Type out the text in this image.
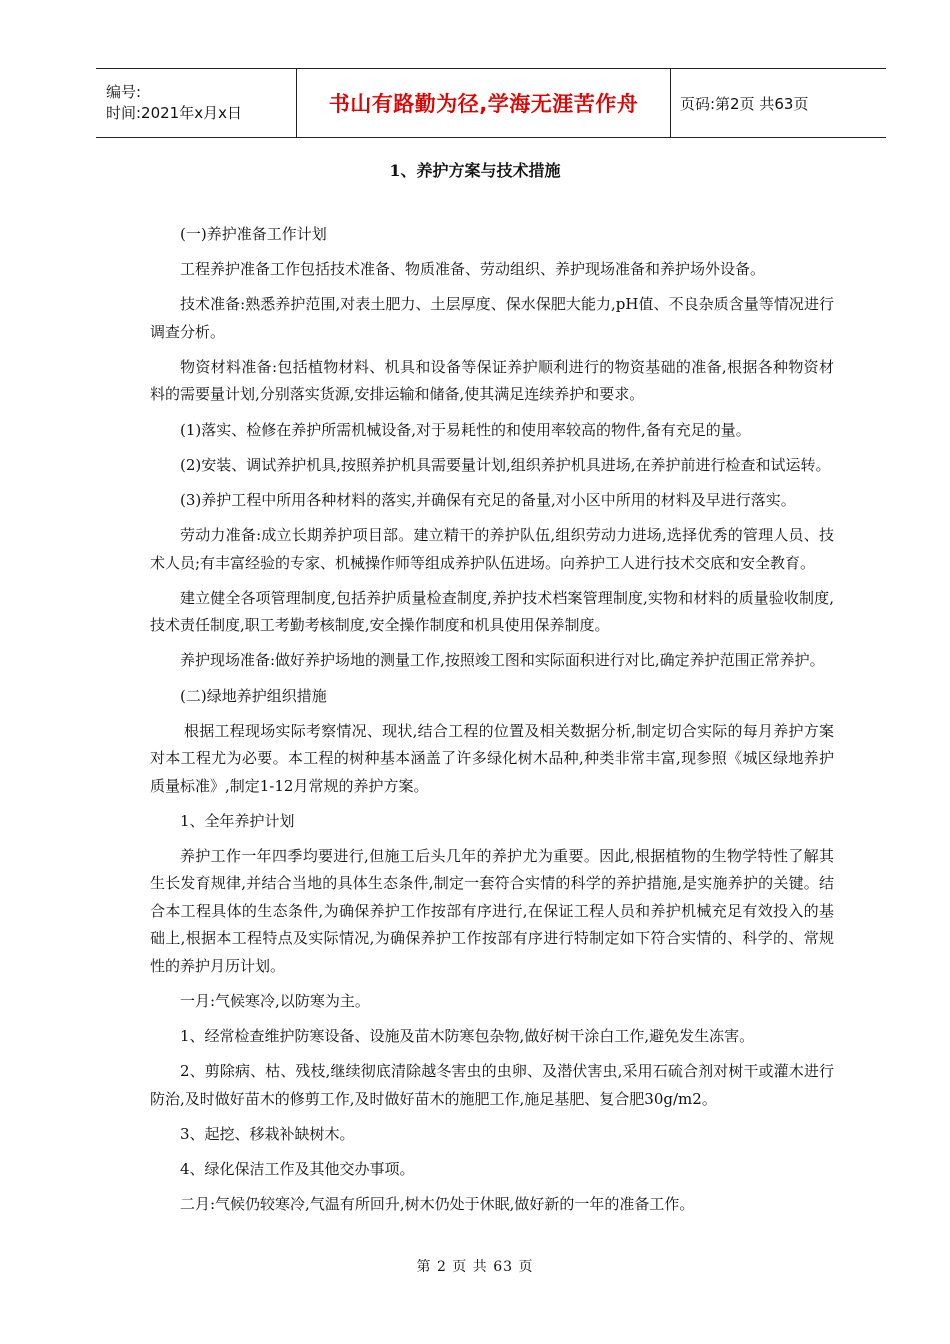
编号:
时间:2021年x月x日	书山有路勤为径,学海无涯苦作舟	页码:第2页 共63页
1、养护方案与技术措施

(一)养护准备工作计划

工程养护准备工作包括技术准备、物质准备、劳动组织、养护现场准备和养护场外设备。

技术准备:熟悉养护范围,对表土肥力、土层厚度、保水保肥大能力,pH值、不良杂质含量等情况进行调查分析。

物资材料准备:包括植物材料、机具和设备等保证养护顺利进行的物资基础的准备,根据各种物资材料的需要量计划,分别落实货源,安排运输和储备,使其满足连续养护和要求。

(1)落实、检修在养护所需机械设备,对于易耗性的和使用率较高的物件,备有充足的量。

(2)安装、调试养护机具,按照养护机具需要量计划,组织养护机具进场,在养护前进行检查和试运转。

(3)养护工程中所用各种材料的落实,并确保有充足的备量,对小区中所用的材料及早进行落实。

劳动力准备:成立长期养护项目部。建立精干的养护队伍,组织劳动力进场,选择优秀的管理人员、技术人员;有丰富经验的专家、机械操作师等组成养护队伍进场。向养护工人进行技术交底和安全教育。

建立健全各项管理制度,包括养护质量检查制度,养护技术档案管理制度,实物和材料的质量验收制度,技术责任制度,职工考勤考核制度,安全操作制度和机具使用保养制度。

养护现场准备:做好养护场地的测量工作,按照竣工图和实际面积进行对比,确定养护范围正常养护。

(二)绿地养护组织措施

根据工程现场实际考察情况、现状,结合工程的位置及相关数据分析,制定切合实际的每月养护方案对本工程尤为必要。本工程的树种基本涵盖了许多绿化树木品种,种类非常丰富,现参照《城区绿地养护质量标准》,制定1-12月常规的养护方案。

1、全年养护计划

养护工作一年四季均要进行,但施工后头几年的养护尤为重要。因此,根据植物的生物学特性了解其生长发育规律,并结合当地的具体生态条件,制定一套符合实情的科学的养护措施,是实施养护的关键。结合本工程具体的生态条件,为确保养护工作按部有序进行,在保证工程人员和养护机械充足有效投入的基础上,根据本工程特点及实际情况,为确保养护工作按部有序进行特制定如下符合实情的、科学的、常规性的养护月历计划。

一月:气候寒冷,以防寒为主。

1、经常检查维护防寒设备、设施及苗木防寒包杂物,做好树干涂白工作,避免发生冻害。

2、剪除病、枯、残枝,继续彻底清除越冬害虫的虫卵、及潜伏害虫,采用石硫合剂对树干或灌木进行防治,及时做好苗木的修剪工作,及时做好苗木的施肥工作,施足基肥、复合肥30g/m2。

3、起挖、移栽补缺树木。

4、绿化保洁工作及其他交办事项。

二月:气候仍较寒冷,气温有所回升,树木仍处于休眠,做好新的一年的准备工作。

第 2 页 共 63 页
